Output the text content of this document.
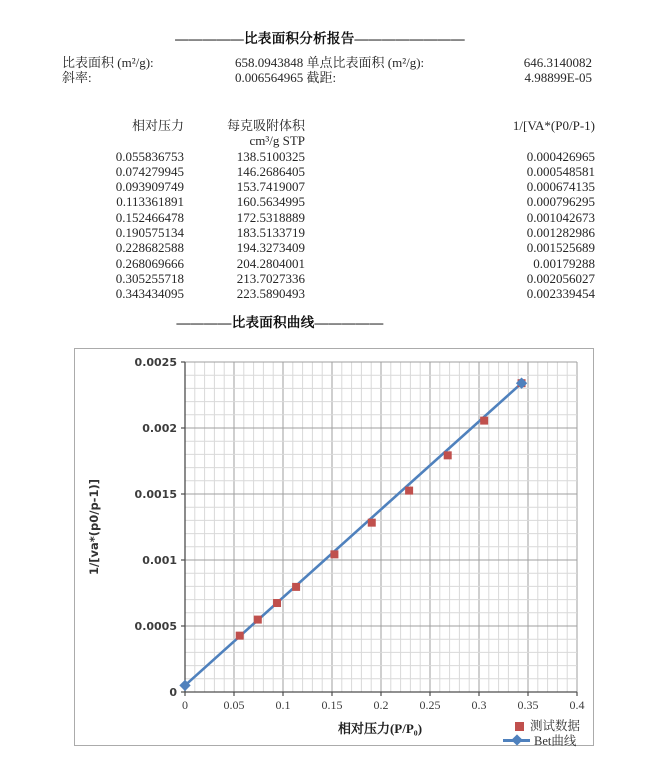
—————比表面积分析报告————————
比表面积 (m²/g):	658.0943848 单点比表面积 (m²/g):	646.3140082
斜率:	0.006564965 截距:	4.98899E-05
相对压力	每克吸附体积	1/[VA*(P0/P-1)
cm³/g STP
0.055836753	138.5100325	0.000426965
0.074279945	146.2686405	0.000548581
0.093909749	153.7419007	0.000674135
0.113361891	160.5634995	0.000796295
0.152466478	172.5318889	0.001042673
0.190575134	183.5133719	0.001282986
0.228682588	194.3273409	0.001525689
0.268069666	204.2804001	0.00179288
0.305255718	213.7027336	0.002056027
0.343434095	223.5890493	0.002339454
————比表面积曲线—————
0	0.05	0.1	0.15	0.2	0.25	0.3	0.35	0.4
0
0.0005
0.001
0.0015
0.002
0.0025
1/[va*(p0/p-1)]
相对压力(P/P₀)	测试数据
Bet曲线
